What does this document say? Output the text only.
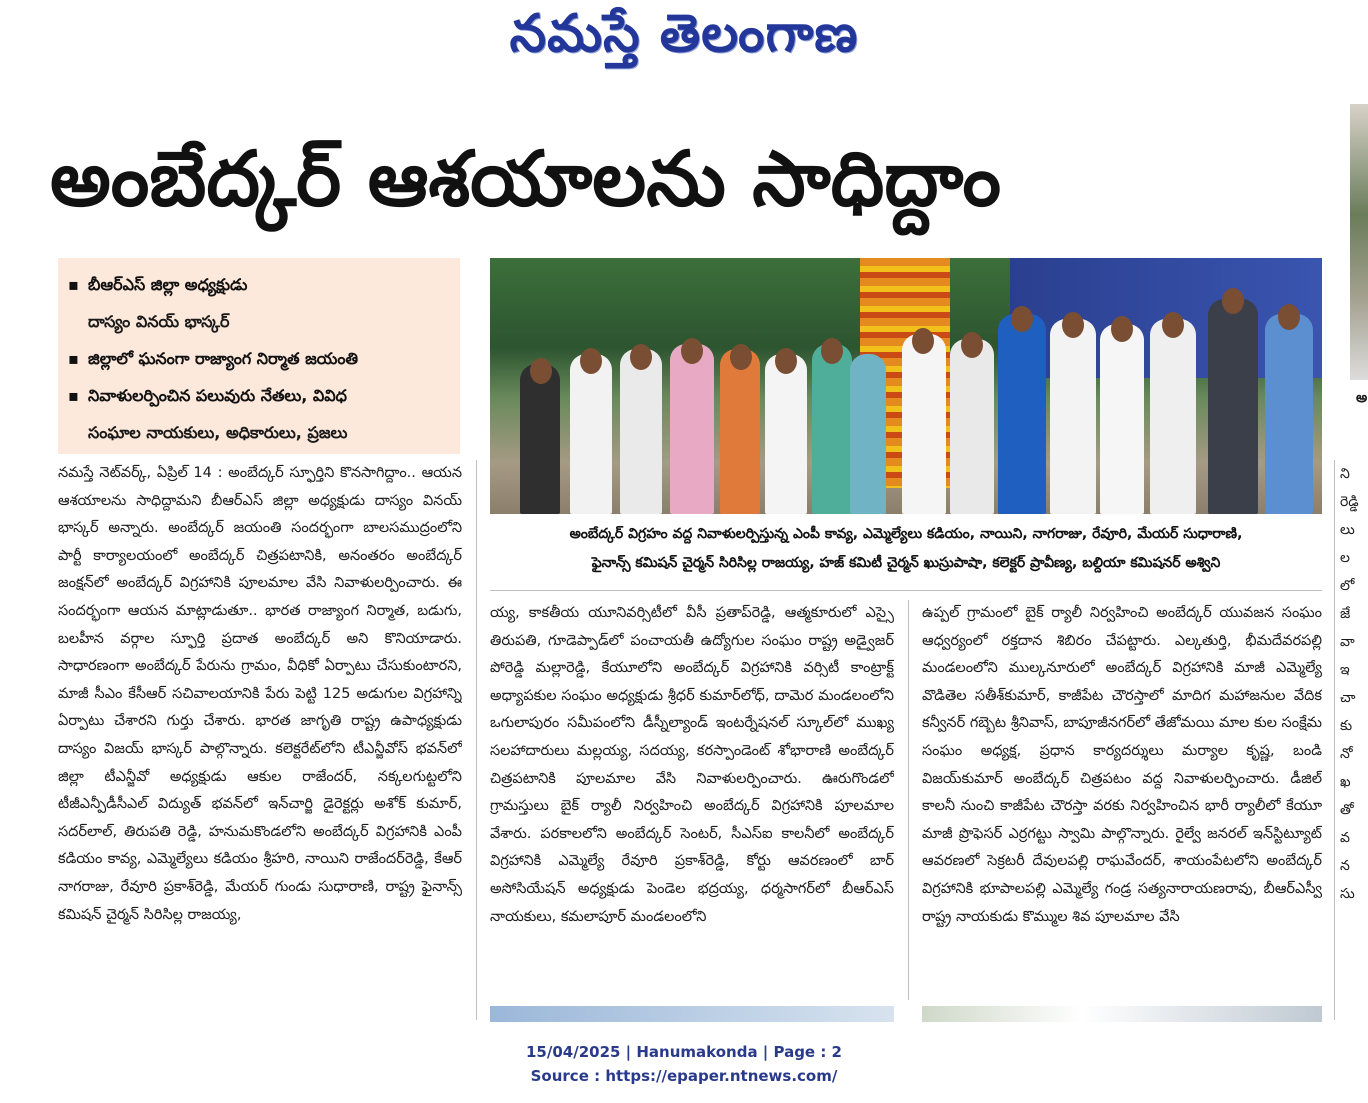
నమస్తే తెలంగాణ
అంబేద్కర్ ఆశయాలను సాధిద్దాం
▪ బీఆర్ఎస్ జిల్లా అధ్యక్షుడు
దాస్యం వినయ్ భాస్కర్
▪ జిల్లాలో ఘనంగా రాజ్యాంగ నిర్మాత జయంతి
▪ నివాళులర్పించిన పలువురు నేతలు, వివిధ
సంఘాల నాయకులు, అధికారులు, ప్రజలు
అంబేద్కర్ విగ్రహం వద్ద నివాళులర్పిస్తున్న ఎంపీ కావ్య, ఎమ్మెల్యేలు కడియం, నాయిని, నాగరాజు, రేవూరి, మేయర్ సుధారాణి,
ఫైనాన్స్ కమిషన్ చైర్మన్ సిరిసిల్ల రాజయ్య, హజ్ కమిటీ చైర్మన్ ఖుస్రుపాషా, కలెక్టర్ ప్రావీణ్య, బల్దియా కమిషనర్ అశ్విని

నమస్తే నెట్‌వర్క్, ఏప్రిల్ 14 : అంబేద్కర్ స్ఫూర్తిని కొనసాగిద్దాం.. ఆయన ఆశయాలను సాధిద్దామని బీఆర్ఎస్ జిల్లా అధ్యక్షుడు దాస్యం వినయ్ భాస్కర్ అన్నారు. అంబేద్కర్ జయంతి సందర్భంగా బాలసముద్రంలోని పార్టీ కార్యాలయంలో అంబేద్కర్ చిత్రపటానికి, అనంతరం అంబేద్కర్ జంక్షన్‌లో అంబేద్కర్ విగ్రహానికి పూలమాల వేసి నివాళులర్పించారు. ఈ సందర్భంగా ఆయన మాట్లాడుతూ.. భారత రాజ్యాంగ నిర్మాత, బడుగు, బలహీన వర్గాల స్ఫూర్తి ప్రదాత అంబేద్కర్ అని కొనియాడారు. సాధారణంగా అంబేద్కర్ పేరును గ్రామం, వీధికో ఏర్పాటు చేసుకుంటారని, మాజీ సీఎం కేసీఆర్ సచివాలయానికి పేరు పెట్టి 125 అడుగుల విగ్రహాన్ని ఏర్పాటు చేశారని గుర్తు చేశారు. భారత జాగృతి రాష్ట్ర ఉపాధ్యక్షుడు దాస్యం విజయ్ భాస్కర్ పాల్గొన్నారు. కలెక్టరేట్‌లోని టీఎన్జీవోస్ భవన్‌లో జిల్లా టీఎన్జీవో అధ్యక్షుడు ఆకుల రాజేందర్, నక్కలగుట్టలోని టీజీఎన్పీడీసీఎల్ విద్యుత్ భవన్‌లో ఇన్‌చార్జి డైరెక్టర్లు అశోక్ కుమార్, సదర్‌లాల్, తిరుపతి రెడ్డి, హనుమకొండలోని అంబేద్కర్ విగ్రహానికి ఎంపీ కడియం కావ్య, ఎమ్మెల్యేలు కడియం శ్రీహరి, నాయిని రాజేందర్‌రెడ్డి, కేఆర్ నాగరాజు, రేవూరి ప్రకాశ్‌రెడ్డి, మేయర్ గుండు సుధారాణి, రాష్ట్ర ఫైనాన్స్ కమిషన్ చైర్మన్ సిరిసిల్ల రాజయ్య,

య్య, కాకతీయ యూనివర్సిటీలో వీసీ ప్రతాప్‌రెడ్డి, ఆత్మకూరులో ఎస్సై తిరుపతి, గూడెప్పాడ్‌లో పంచాయతీ ఉద్యోగుల సంఘం రాష్ట్ర అడ్వైజర్ పోరెడ్డి మల్లారెడ్డి, కేయూలోని అంబేద్కర్ విగ్రహానికి వర్సిటీ కాంట్రాక్ట్ అధ్యాపకుల సంఘం అధ్యక్షుడు శ్రీధర్ కుమార్‌లోధ్, దామెర మండలంలోని ఒగులాపురం సమీపంలోని డీస్నీల్యాండ్ ఇంటర్నేషనల్ స్కూల్‌లో ముఖ్య సలహాదారులు మల్లయ్య, సదయ్య, కరస్పాండెంట్ శోభారాణి అంబేద్కర్ చిత్రపటానికి పూలమాల వేసి నివాళులర్పించారు. ఊరుగొండలో గ్రామస్తులు బైక్ ర్యాలీ నిర్వహించి అంబేద్కర్ విగ్రహానికి పూలమాల వేశారు. పరకాలలోని అంబేద్కర్ సెంటర్, సీఎస్ఐ కాలనీలో అంబేద్కర్ విగ్రహానికి ఎమ్మెల్యే రేవూరి ప్రకాశ్‌రెడ్డి, కోర్టు ఆవరణంలో బార్ అసోసియేషన్ అధ్యక్షుడు పెండెల భద్రయ్య, ధర్మసాగర్‌లో బీఆర్ఎస్ నాయకులు, కమలాపూర్ మండలంలోని

ఉప్పల్ గ్రామంలో బైక్ ర్యాలీ నిర్వహించి అంబేద్కర్ యువజన సంఘం ఆధ్వర్యంలో రక్తదాన శిబిరం చేపట్టారు. ఎల్కతుర్తి, భీమదేవరపల్లి మండలంలోని ముల్కనూరులో అంబేద్కర్ విగ్రహానికి మాజీ ఎమ్మెల్యే వొడితెల సతీశ్‌కుమార్, కాజీపేట చౌరస్తాలో మాదిగ మహాజనుల వేదిక కన్వీనర్ గబ్బెట శ్రీనివాస్, బాపూజీనగర్‌లో తేజోమయి మాల కుల సంక్షేమ సంఘం అధ్యక్ష, ప్రధాన కార్యదర్శులు మర్యాల కృష్ణ, బండి విజయ్‌కుమార్ అంబేద్కర్ చిత్రపటం వద్ద నివాళులర్పించారు. డీజిల్ కాలనీ నుంచి కాజీపేట చౌరస్తా వరకు నిర్వహించిన భారీ ర్యాలీలో కేయూ మాజీ ప్రొఫెసర్ ఎర్రగట్టు స్వామి పాల్గొన్నారు. రైల్వే జనరల్ ఇన్‌స్టిట్యూట్ ఆవరణలో సెక్రటరీ దేవులపల్లి రాఘవేందర్, శాయంపేటలోని అంబేద్కర్ విగ్రహానికి భూపాలపల్లి ఎమ్మెల్యే గండ్ర సత్యనారాయణరావు, బీఆర్ఎస్వీ రాష్ట్ర నాయకుడు కొమ్ముల శివ పూలమాల వేసి

అ
ని
రెడ్డి
లు
ల
లో
జే
వా
ఇ
చా
కు
నో
ఖ
తో
వ
న
సు
15/04/2025 | Hanumakonda | Page : 2
Source : https://epaper.ntnews.com/
